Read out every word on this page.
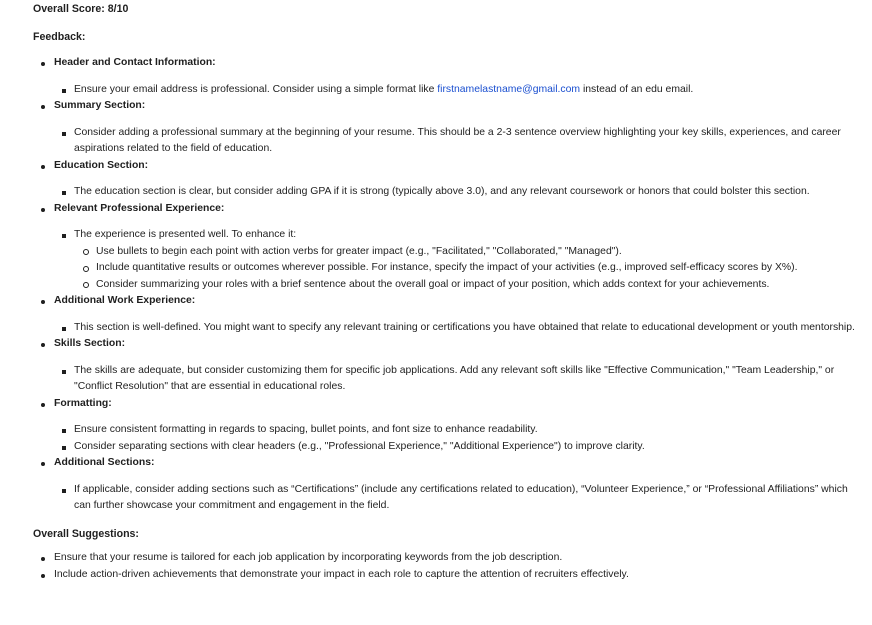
Overall Score: 8/10

Feedback:

Header and Contact Information:
Ensure your email address is professional. Consider using a simple format like firstnamelastname@gmail.com instead of an edu email.
Summary Section:
Consider adding a professional summary at the beginning of your resume. This should be a 2-3 sentence overview highlighting your key skills, experiences, and career aspirations related to the field of education.
Education Section:
The education section is clear, but consider adding GPA if it is strong (typically above 3.0), and any relevant coursework or honors that could bolster this section.
Relevant Professional Experience:
The experience is presented well. To enhance it:
Use bullets to begin each point with action verbs for greater impact (e.g., "Facilitated," "Collaborated," "Managed").
Include quantitative results or outcomes wherever possible. For instance, specify the impact of your activities (e.g., improved self-efficacy scores by X%).
Consider summarizing your roles with a brief sentence about the overall goal or impact of your position, which adds context for your achievements.
Additional Work Experience:
This section is well-defined. You might want to specify any relevant training or certifications you have obtained that relate to educational development or youth mentorship.
Skills Section:
The skills are adequate, but consider customizing them for specific job applications. Add any relevant soft skills like "Effective Communication," "Team Leadership," or "Conflict Resolution" that are essential in educational roles.
Formatting:
Ensure consistent formatting in regards to spacing, bullet points, and font size to enhance readability.
Consider separating sections with clear headers (e.g., "Professional Experience," "Additional Experience") to improve clarity.
Additional Sections:
If applicable, consider adding sections such as “Certifications” (include any certifications related to education), “Volunteer Experience,” or “Professional Affiliations” which can further showcase your commitment and engagement in the field.

Overall Suggestions:

Ensure that your resume is tailored for each job application by incorporating keywords from the job description.
Include action-driven achievements that demonstrate your impact in each role to capture the attention of recruiters effectively.
